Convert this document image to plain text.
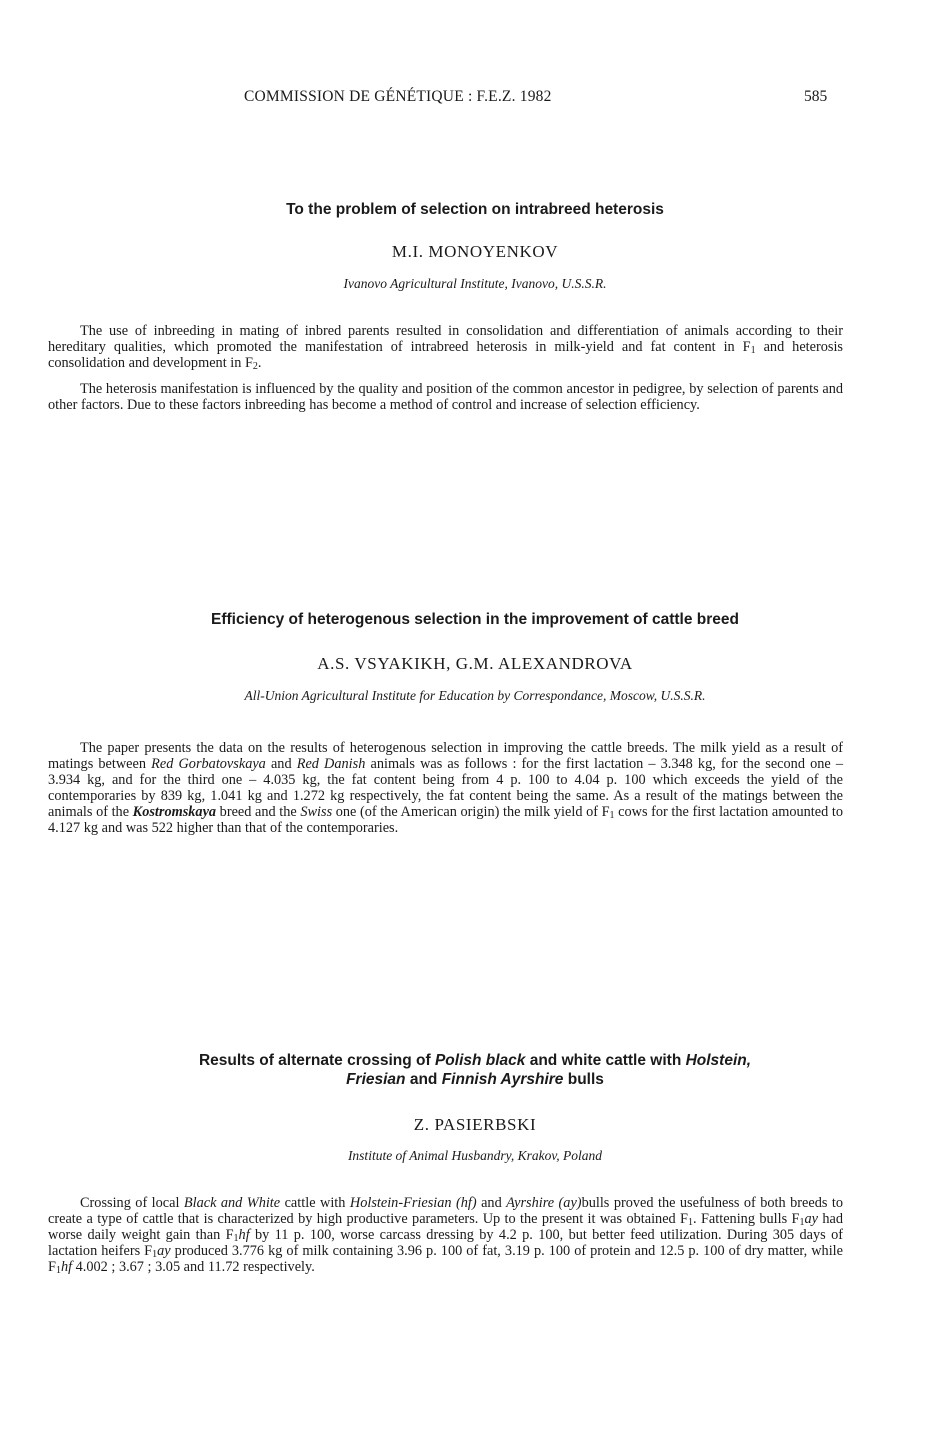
COMMISSION DE GÉNÉTIQUE : F.E.Z. 1982	585
To the problem of selection on intrabreed heterosis
M.I. MONOYENKOV
Ivanovo Agricultural Institute, Ivanovo, U.S.S.R.

The use of inbreeding in mating of inbred parents resulted in consolidation and differentiation of animals according to their hereditary qualities, which promoted the manifestation of intrabreed heterosis in milk-yield and fat content in $F_1$ and heterosis consolidation and development in $F_2$.

The heterosis manifestation is influenced by the quality and position of the common ancestor in pedigree, by selection of parents and other factors. Due to these factors inbreeding has become a method of control and increase of selection efficiency.

Efficiency of heterogenous selection in the improvement of cattle breed
A.S. VSYAKIKH, G.M. ALEXANDROVA
All-Union Agricultural Institute for Education by Correspondance, Moscow, U.S.S.R.

The paper presents the data on the results of heterogenous selection in improving the cattle breeds. The milk yield as a result of matings between Red Gorbatovskaya and Red Danish animals was as follows : for the first lactation – 3.348 kg, for the second one – 3.934 kg, and for the third one – 4.035 kg, the fat content being from 4 p. 100 to 4.04 p. 100 which exceeds the yield of the contemporaries by 839 kg, 1.041 kg and 1.272 kg respectively, the fat content being the same. As a result of the matings between the animals of the Kostromskaya breed and the Swiss one (of the American origin) the milk yield of $F_1$ cows for the first lactation amounted to 4.127 kg and was 522 higher than that of the contemporaries.

Results of alternate crossing of Polish black and white cattle with Holstein,
Friesian and Finnish Ayrshire bulls
Z. PASIERBSKI
Institute of Animal Husbandry, Krakov, Poland

Crossing of local Black and White cattle with Holstein-Friesian (hf) and Ayrshire (ay)bulls proved the usefulness of both breeds to create a type of cattle that is characterized by high productive parameters. Up to the present it was obtained $F_1$. Fattening bulls $F_1ay$ had worse daily weight gain than $F_1hf$ by 11 p. 100, worse carcass dressing by 4.2 p. 100, but better feed utilization. During 305 days of lactation heifers $F_1ay$ produced 3.776 kg of milk containing 3.96 p. 100 of fat, 3.19 p. 100 of protein and 12.5 p. 100 of dry matter, while $F_1hf$ 4.002 ; 3.67 ; 3.05 and 11.72 respectively.
